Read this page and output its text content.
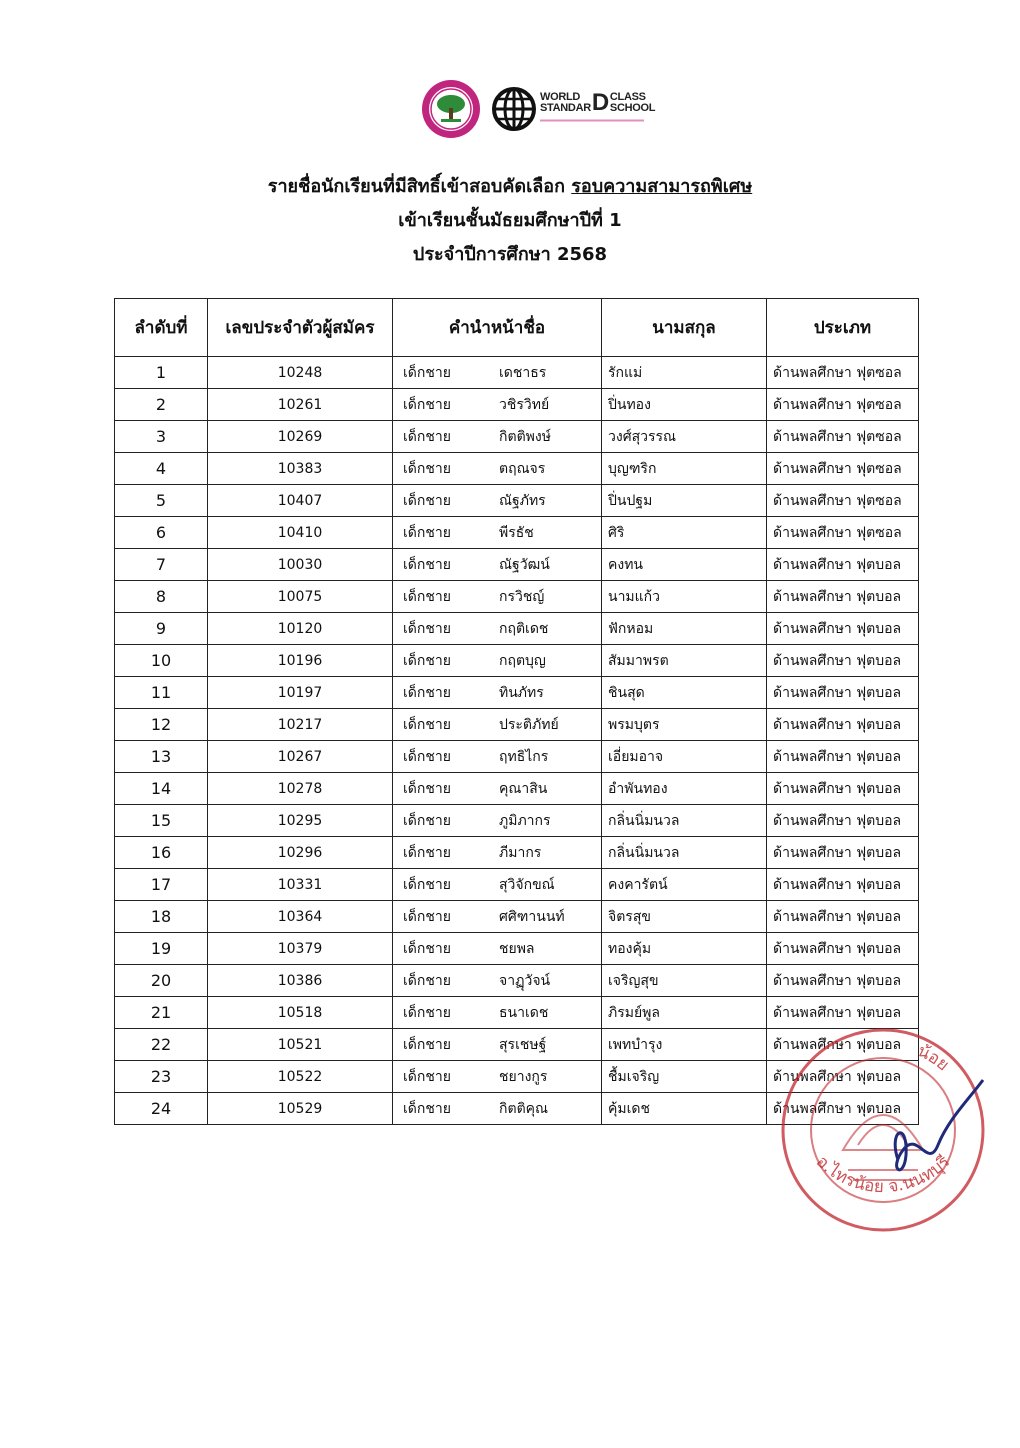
WORLD
STANDARDCLASS
SCHOOL
รายชื่อนักเรียนที่มีสิทธิ์เข้าสอบคัดเลือก รอบความสามารถพิเศษ
เข้าเรียนชั้นมัธยมศึกษาปีที่ 1
ประจำปีการศึกษา 2568
ลำดับที่	เลขประจำตัวผู้สมัคร	คำนำหน้าชื่อ	นามสกุล	ประเภท
1	10248	เด็กชาย เดชาธร	รักแม่	ด้านพลศึกษา ฟุตซอล
2	10261	เด็กชาย วชิรวิทย์	ปิ่นทอง	ด้านพลศึกษา ฟุตซอล
3	10269	เด็กชาย กิตติพงษ์	วงศ์สุวรรณ	ด้านพลศึกษา ฟุตซอล
4	10383	เด็กชาย ตฤณจร	บุญฑริก	ด้านพลศึกษา ฟุตซอล
5	10407	เด็กชาย ณัฐภัทร	ปิ่นปฐม	ด้านพลศึกษา ฟุตซอล
6	10410	เด็กชาย พีรธัช	ศิริ	ด้านพลศึกษา ฟุตซอล
7	10030	เด็กชาย ณัฐวัฒน์	คงทน	ด้านพลศึกษา ฟุตบอล
8	10075	เด็กชาย กรวิชญ์	นามแก้ว	ด้านพลศึกษา ฟุตบอล
9	10120	เด็กชาย กฤติเดช	ฟักหอม	ด้านพลศึกษา ฟุตบอล
10	10196	เด็กชาย กฤตบุญ	สัมมาพรต	ด้านพลศึกษา ฟุตบอล
11	10197	เด็กชาย ทินภัทร	ชินสุด	ด้านพลศึกษา ฟุตบอล
12	10217	เด็กชาย ประติภัทย์	พรมบุตร	ด้านพลศึกษา ฟุตบอล
13	10267	เด็กชาย ฤทธิไกร	เอี่ยมอาจ	ด้านพลศึกษา ฟุตบอล
14	10278	เด็กชาย คุณาสิน	อำพันทอง	ด้านพลศึกษา ฟุตบอล
15	10295	เด็กชาย ภูมิภากร	กลิ่นนิ่มนวล	ด้านพลศึกษา ฟุตบอล
16	10296	เด็กชาย ภีมากร	กลิ่นนิ่มนวล	ด้านพลศึกษา ฟุตบอล
17	10331	เด็กชาย สุวิจักขณ์	คงคารัตน์	ด้านพลศึกษา ฟุตบอล
18	10364	เด็กชาย ศศิฑานนท์	จิตรสุข	ด้านพลศึกษา ฟุตบอล
19	10379	เด็กชาย ชยพล	ทองคุ้ม	ด้านพลศึกษา ฟุตบอล
20	10386	เด็กชาย จาฏุวัจน์	เจริญสุข	ด้านพลศึกษา ฟุตบอล
21	10518	เด็กชาย ธนาเดช	ภิรมย์พูล	ด้านพลศึกษา ฟุตบอล
22	10521	เด็กชาย สุรเชษฐ์	เพทบำรุง	ด้านพลศึกษา ฟุตบอล
23	10522	เด็กชาย ชยางกูร	ชื้มเจริญ	ด้านพลศึกษา ฟุตบอล
24	10529	เด็กชาย กิตติคุณ	คุ้มเดช	ด้านพลศึกษา ฟุตบอล
อ.ไทรน้อย จ.นนทบุรี
น้อย
